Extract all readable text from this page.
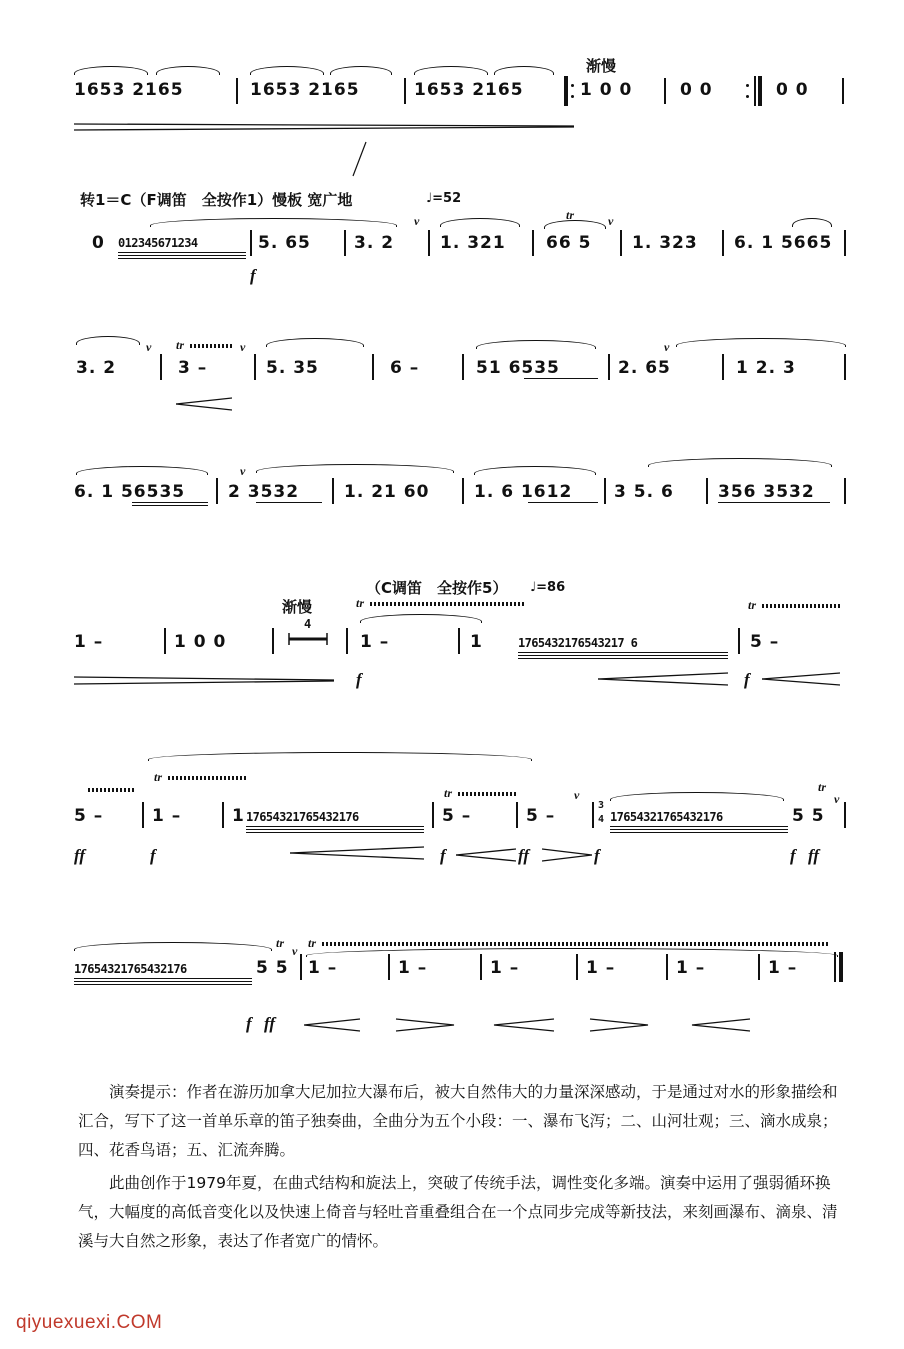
渐慢
1653 2165	1653 2165	1653 2165	1 0 0	0 0	0 0
转1＝C（F调笛　全按作1）慢板 宽广地	♩=52
0 012345671234	5. 65
f
3. 2
v
1. 321
tr
66 5
v
1. 323 6. 1 5665
3. 2
v tr
3 –
v
5. 35	6 –	51 6535	2. 65
v
1 2. 3
6. 1 56535
v
2 3532	1. 21 60	1. 6 1612 3 5. 6	356 3532
（C调笛　全按作5） ♩=86
渐慢	tr	tr
1 –	1 0 0
4
1 –
f
1	1765432176543217 6	5 –
f
tr
5 –
ff
1 –
f
1 17654321765432176
tr
5 –
f
5 –
v
ff	f
3
4 17654321765432176
tr
5 5
v
f ff
17654321765432176
tr
5 5
v
f ff
tr
1 –	1 –	1 –	1 –	1 –	1 –

演奏提示：作者在游历加拿大尼加拉大瀑布后，被大自然伟大的力量深深感动，于是通过对水的形象描绘和汇合，写下了这一首单乐章的笛子独奏曲，全曲分为五个小段：一、瀑布飞泻；二、山河壮观；三、滴水成泉；四、花香鸟语；五、汇流奔腾。

此曲创作于1979年夏，在曲式结构和旋法上，突破了传统手法，调性变化多端。演奏中运用了强弱循环换气，大幅度的高低音变化以及快速上倚音与轻吐音重叠组合在一个点同步完成等新技法，来刻画瀑布、滴泉、清溪与大自然之形象，表达了作者宽广的情怀。

qiyuexuexi.COM
